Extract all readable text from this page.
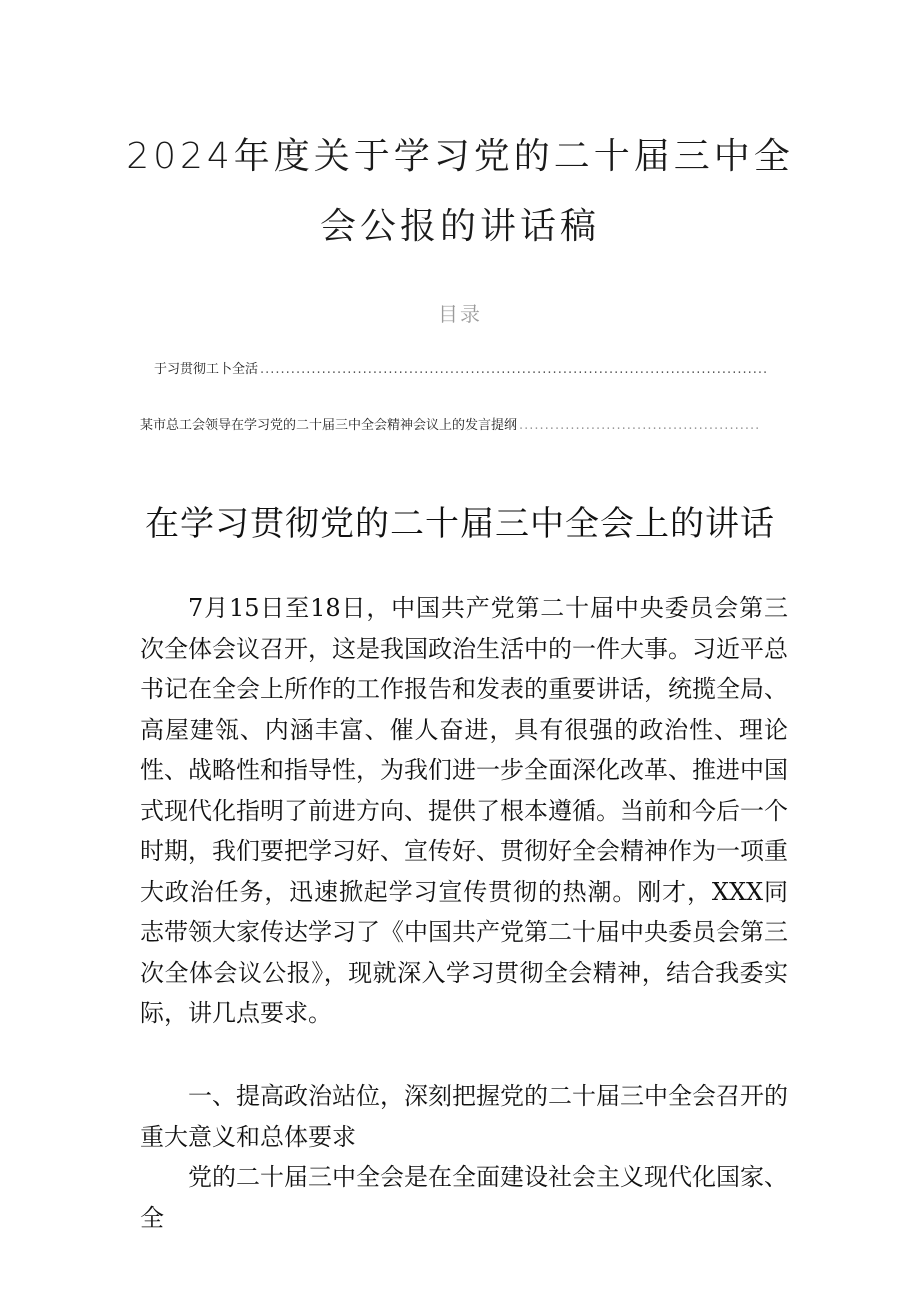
2024年度关于学习党的二十届三中全
会公报的讲话稿
目录
于习贯彻工卜全活
.....
某市总工会领导在学习党的二十届三中全会精神会议上的发言提纲
.....
在学习贯彻党的二十届三中全会上的讲话
7月15日至18日，中国共产党第二十届中央委员会第三次全体会议召开，这是我国政治生活中的一件大事。习近平总书记在全会上所作的工作报告和发表的重要讲话，统揽全局、高屋建瓴、内涵丰富、催人奋进，具有很强的政治性、理论性、战略性和指导性，为我们进一步全面深化改革、推进中国式现代化指明了前进方向、提供了根本遵循。当前和今后一个时期，我们要把学习好、宣传好、贯彻好全会精神作为一项重大政治任务，迅速掀起学习宣传贯彻的热潮。刚才，XXX同志带领大家传达学习了《中国共产党第二十届中央委员会第三次全体会议公报》，现就深入学习贯彻全会精神，结合我委实际，讲几点要求。
一、提高政治站位，深刻把握党的二十届三中全会召开的重大意义和总体要求
党的二十届三中全会是在全面建设社会主义现代化国家、全
